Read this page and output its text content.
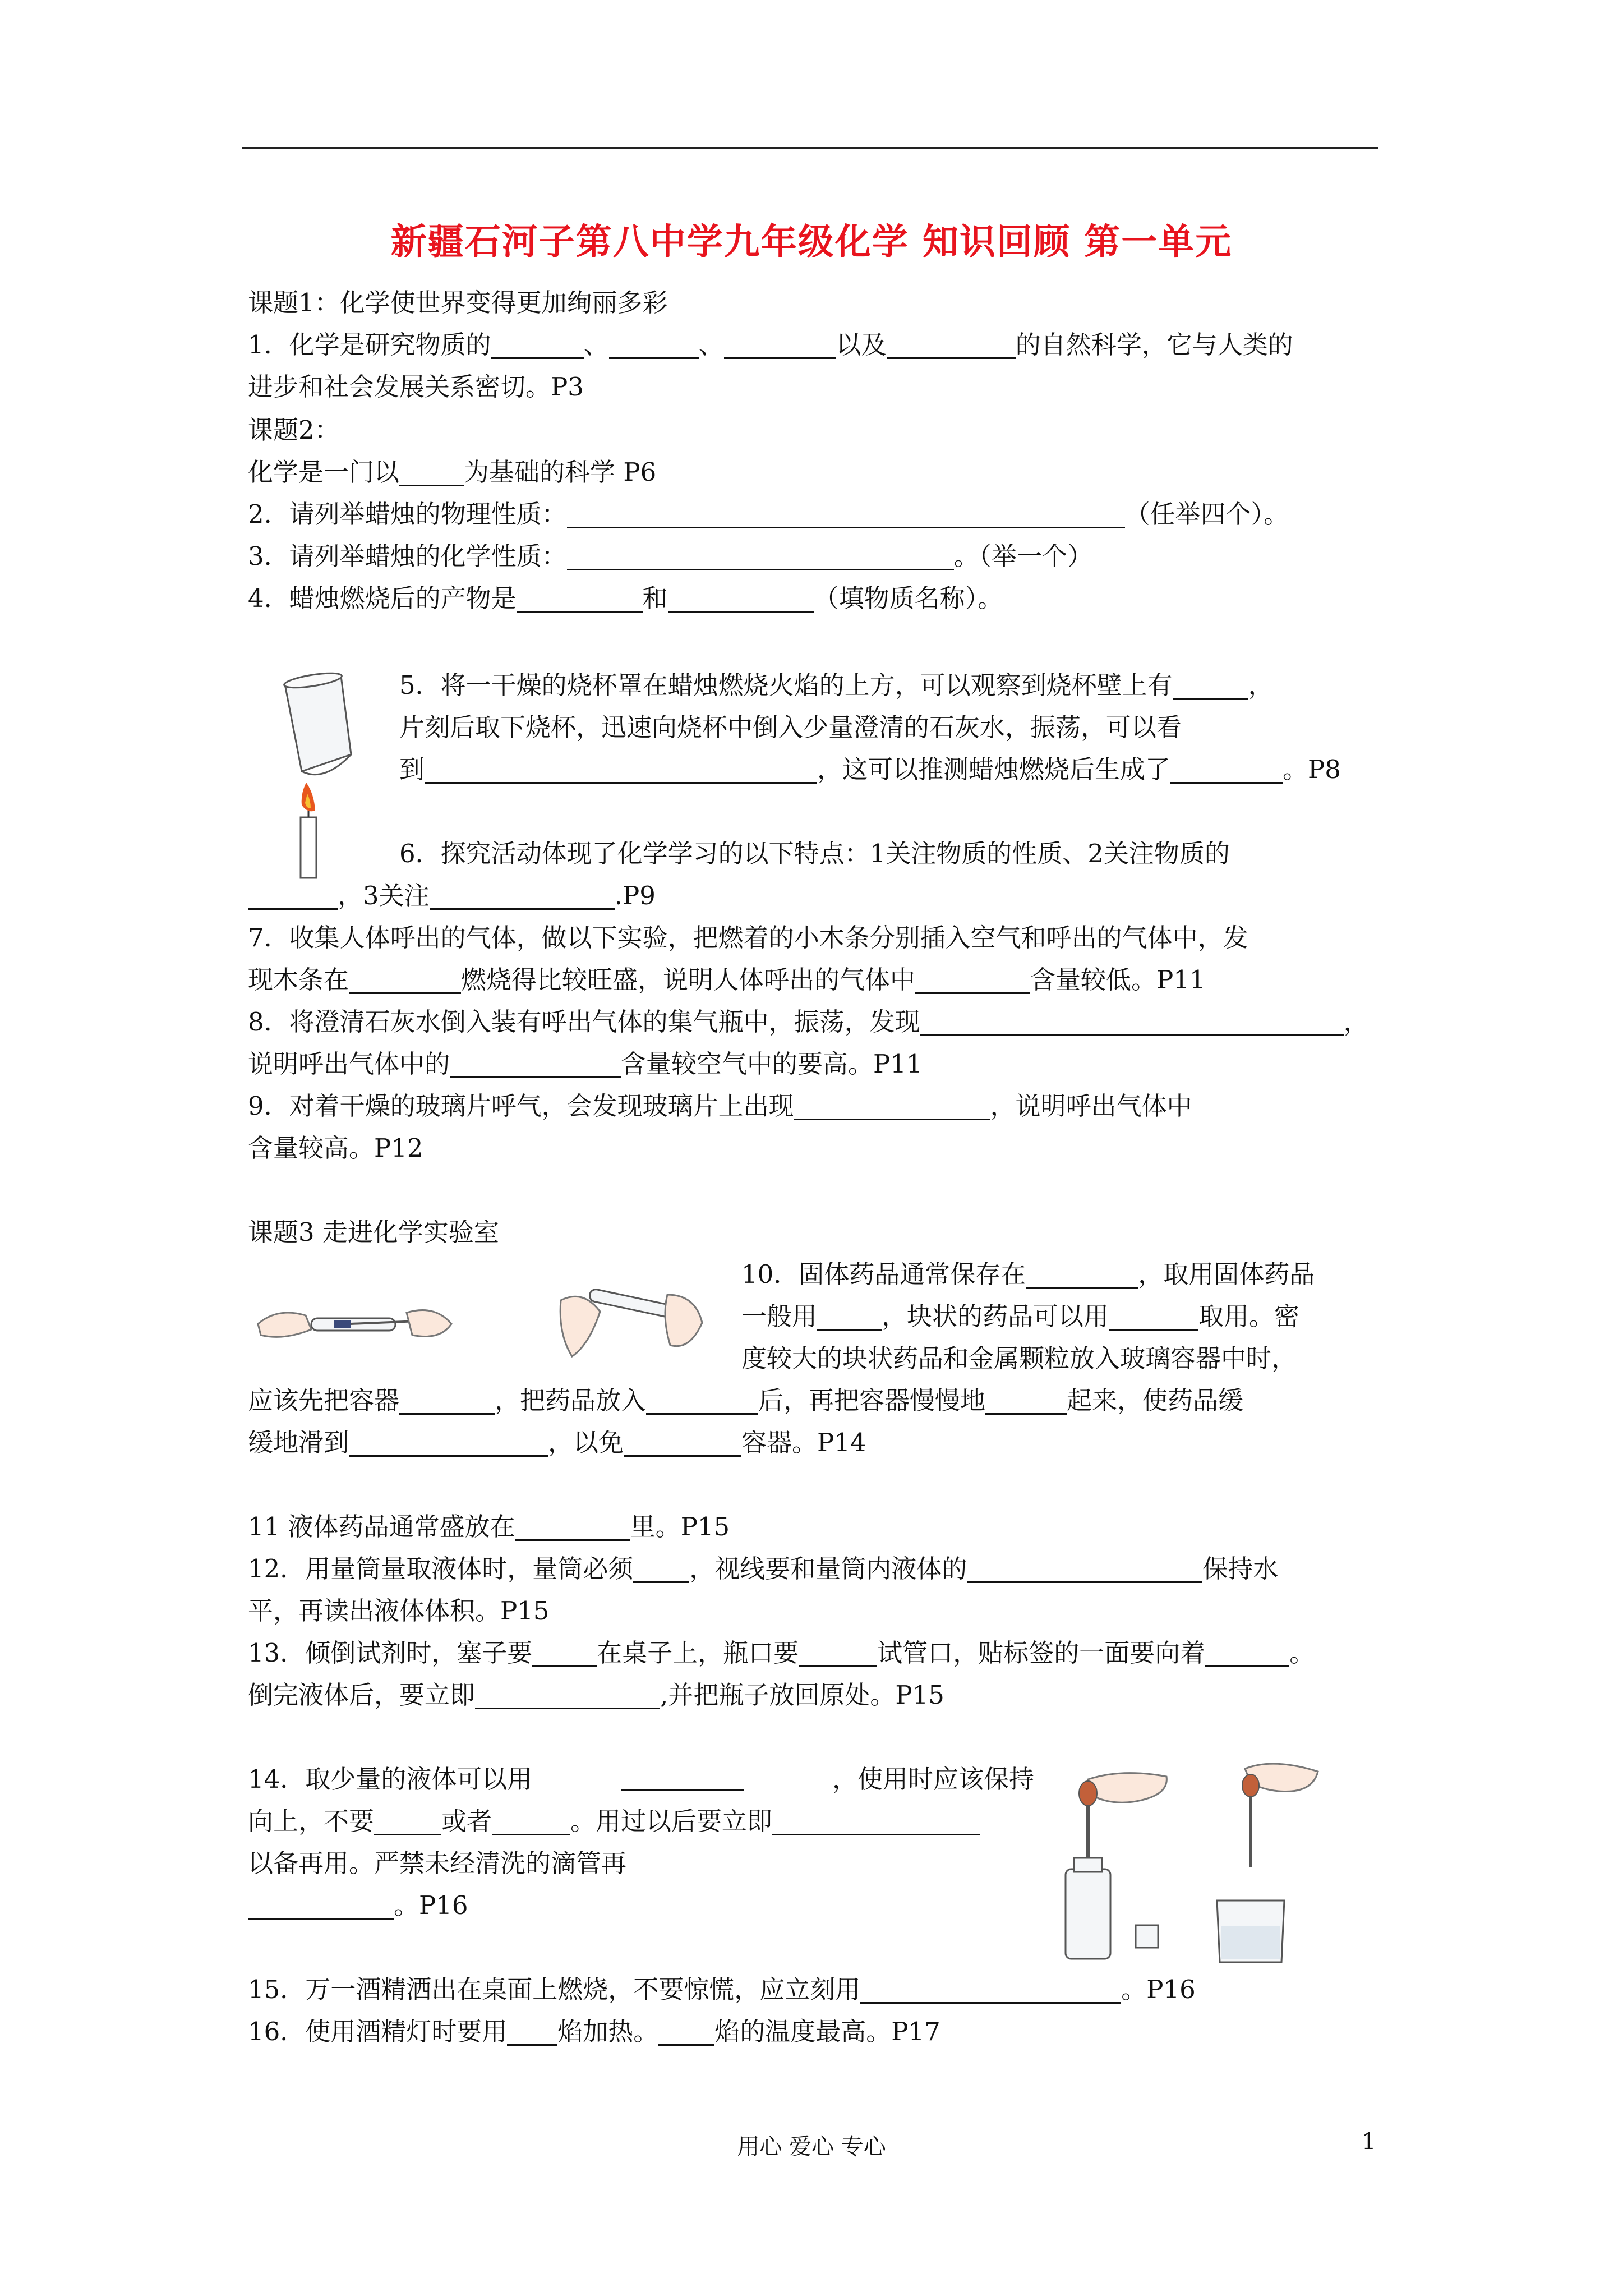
新疆石河子第八中学九年级化学 知识回顾 第一单元
课题1：化学使世界变得更加绚丽多彩
1．化学是研究物质的	、	、	以及	的自然科学，它与人类的
进步和社会发展关系密切。P3
课题2：
化学是一门以	为基础的科学 P6
2．请列举蜡烛的物理性质：	（任举四个）。
3．请列举蜡烛的化学性质：	。（举一个）
4．蜡烛燃烧后的产物是	和	（填物质名称）。
5．将一干燥的烧杯罩在蜡烛燃烧火焰的上方，可以观察到烧杯壁上有	，
片刻后取下烧杯，迅速向烧杯中倒入少量澄清的石灰水，振荡，可以看
到	，这可以推测蜡烛燃烧后生成了	。P8
6．探究活动体现了化学学习的以下特点：1关注物质的性质、2关注物质的
，3关注	.P9
7．收集人体呼出的气体，做以下实验，把燃着的小木条分别插入空气和呼出的气体中，发
现木条在	燃烧得比较旺盛，说明人体呼出的气体中	含量较低。P11
8．将澄清石灰水倒入装有呼出气体的集气瓶中，振荡，发现	，
说明呼出气体中的	含量较空气中的要高。P11
9．对着干燥的玻璃片呼气，会发现玻璃片上出现	，说明呼出气体中
含量较高。P12
课题3 走进化学实验室
10．固体药品通常保存在	，取用固体药品
一般用	，块状的药品可以用	取用。密
度较大的块状药品和金属颗粒放入玻璃容器中时，
应该先把容器	，把药品放入	后，再把容器慢慢地	起来，使药品缓
缓地滑到	，以免	容器。P14
11 液体药品通常盛放在	里。P15
12．用量筒量取液体时，量筒必须 ，视线要和量筒内液体的	保持水
平，再读出液体体积。P15
13．倾倒试剂时，塞子要	在桌子上，瓶口要	试管口，贴标签的一面要向着	。
倒完液体后，要立即	,并把瓶子放回原处。P15
14．取少量的液体可以用	，使用时应该保持
向上，不要	或者	。用过以后要立即
以备再用。严禁未经清洗的滴管再
。P16
15．万一酒精洒出在桌面上燃烧，不要惊慌，应立刻用	。P16
16．使用酒精灯时要用 焰加热。 焰的温度最高。P17
用心 爱心 专心	1
